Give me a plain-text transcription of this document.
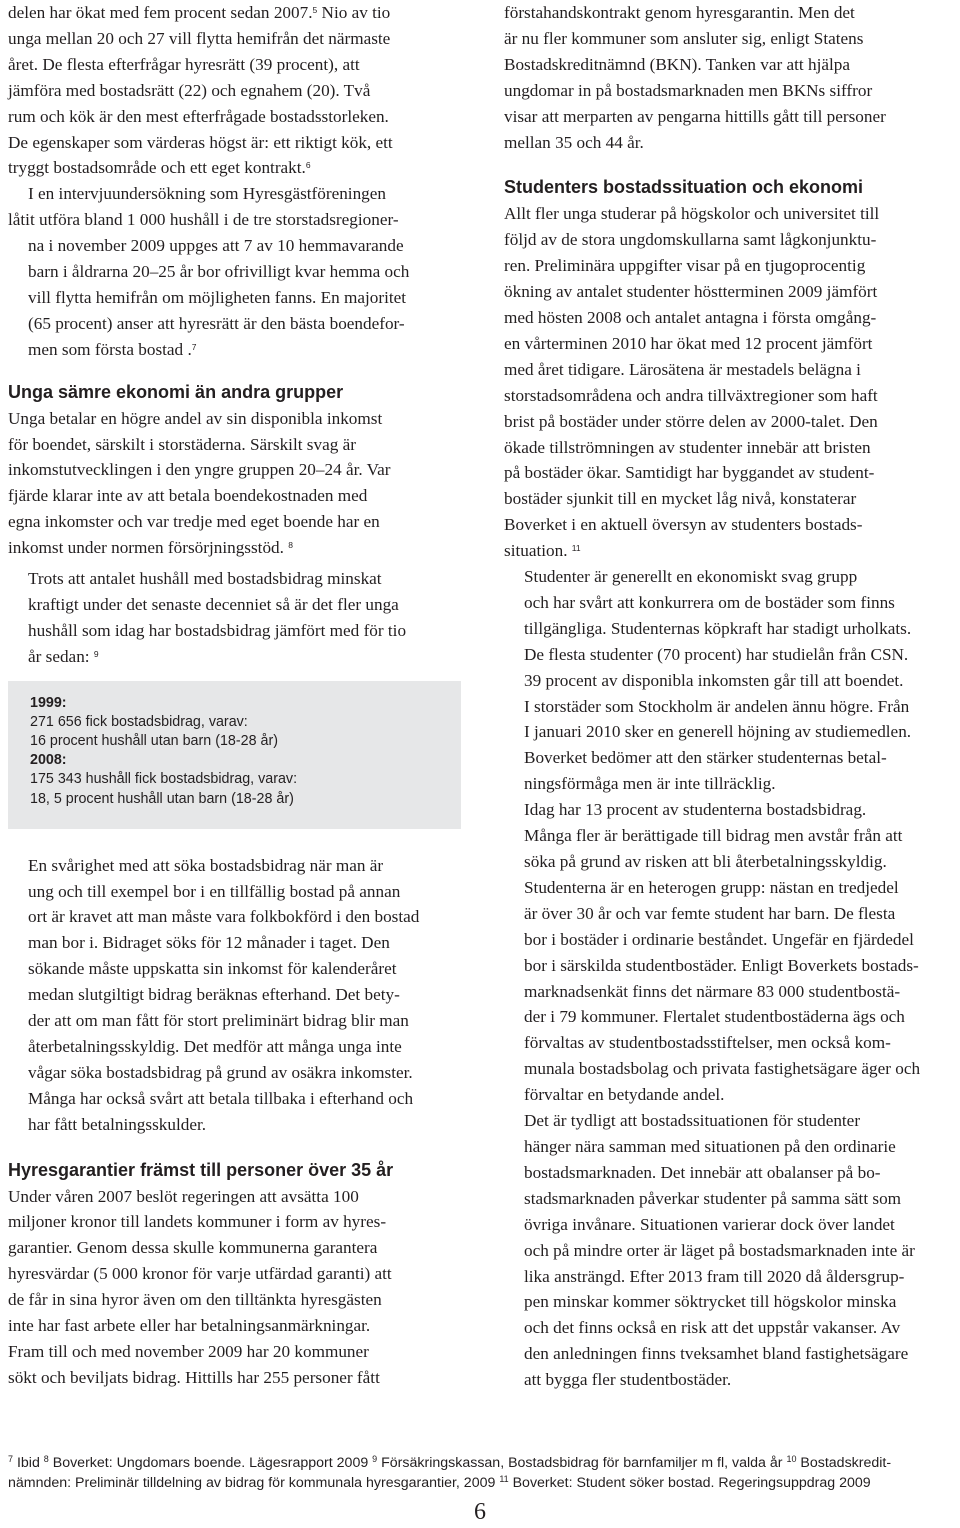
delen har ökat med fem procent sedan 2007.$^5$ Nio av tio
unga mellan 20 och 27 vill flytta hemifrån det närmaste
året. De flesta efterfrågar hyresrätt (39 procent), att
jämföra med bostadsrätt (22) och egnahem (20). Två
rum och kök är den mest efterfrågade bostadsstorleken.
De egenskaper som värderas högst är: ett riktigt kök, ett
tryggt bostadsområde och ett eget kontrakt.$^6$

I en intervjuundersökning som Hyresgästföreningen
låtit utföra bland 1 000 hushåll i de tre storstadsregioner-
na i november 2009 uppges att 7 av 10 hemmavarande
barn i åldrarna 20–25 år bor ofrivilligt kvar hemma och
vill flytta hemifrån om möjligheten fanns. En majoritet
(65 procent) anser att hyresrätt är den bästa boendefor-
men som första bostad .$^7$

Unga sämre ekonomi än andra grupper

Unga betalar en högre andel av sin disponibla inkomst
för boendet, särskilt i storstäderna. Särskilt svag är
inkomstutvecklingen i den yngre gruppen 20–24 år. Var
fjärde klarar inte av att betala boendekostnaden med
egna inkomster och var tredje med eget boende har en
inkomst under normen försörjningsstöd. $^8$

Trots att antalet hushåll med bostadsbidrag minskat
kraftigt under det senaste decenniet så är det fler unga
hushåll som idag har bostadsbidrag jämfört med för tio
år sedan: $^9$

1999:
271 656 fick bostadsbidrag, varav:
16 procent hushåll utan barn (18-28 år)
2008:
175 343 hushåll fick bostadsbidrag, varav:
18, 5 procent hushåll utan barn (18-28 år)

En svårighet med att söka bostadsbidrag när man är
ung och till exempel bor i en tillfällig bostad på annan
ort är kravet att man måste vara folkbokförd i den bostad
man bor i. Bidraget söks för 12 månader i taget. Den
sökande måste uppskatta sin inkomst för kalenderåret
medan slutgiltigt bidrag beräknas efterhand. Det bety-
der att om man fått för stort preliminärt bidrag blir man
återbetalningsskyldig. Det medför att många unga inte
vågar söka bostadsbidrag på grund av osäkra inkomster.
Många har också svårt att betala tillbaka i efterhand och
har fått betalningsskulder.

Hyresgarantier främst till personer över 35 år

Under våren 2007 beslöt regeringen att avsätta 100
miljoner kronor till landets kommuner i form av hyres-
garantier. Genom dessa skulle kommunerna garantera
hyresvärdar (5 000 kronor för varje utfärdad garanti) att
de får in sina hyror även om den tilltänkta hyresgästen
inte har fast arbete eller har betalningsanmärkningar.
Fram till och med november 2009 har 20 kommuner
sökt och beviljats bidrag. Hittills har 255 personer fått

förstahandskontrakt genom hyresgarantin. Men det
är nu fler kommuner som ansluter sig, enligt Statens
Bostadskreditnämnd (BKN). Tanken var att hjälpa
ungdomar in på bostadsmarknaden men BKNs siffror
visar att merparten av pengarna hittills gått till personer
mellan 35 och 44 år.

Studenters bostadssituation och ekonomi

Allt fler unga studerar på högskolor och universitet till
följd av de stora ungdomskullarna samt lågkonjunktu-
ren. Preliminära uppgifter visar på en tjugoprocentig
ökning av antalet studenter höstterminen 2009 jämfört
med hösten 2008 och antalet antagna i första omgång-
en vårterminen 2010 har ökat med 12 procent jämfört
med året tidigare. Lärosätena är mestadels belägna i
storstadsområdena och andra tillväxtregioner som haft
brist på bostäder under större delen av 2000-talet. Den
ökade tillströmningen av studenter innebär att bristen
på bostäder ökar. Samtidigt har byggandet av student-
bostäder sjunkit till en mycket låg nivå, konstaterar
Boverket i en aktuell översyn av studenters bostads-
situation. $^{11}$

Studenter är generellt en ekonomiskt svag grupp
och har svårt att konkurrera om de bostäder som finns
tillgängliga. Studenternas köpkraft har stadigt urholkats.
De flesta studenter (70 procent) har studielån från CSN.
39 procent av disponibla inkomsten går till att boendet.
I storstäder som Stockholm är andelen ännu högre. Från
I januari 2010 sker en generell höjning av studiemedlen.
Boverket bedömer att den stärker studenternas betal-
ningsförmåga men är inte tillräcklig.

Idag har 13 procent av studenterna bostadsbidrag.
Många fler är berättigade till bidrag men avstår från att
söka på grund av risken att bli återbetalningsskyldig.

Studenterna är en heterogen grupp: nästan en tredjedel
är över 30 år och var femte student har barn. De flesta
bor i bostäder i ordinarie beståndet. Ungefär en fjärdedel
bor i särskilda studentbostäder. Enligt Boverkets bostads-
marknadsenkät finns det närmare 83 000 studentbostä-
der i 79 kommuner. Flertalet studentbostäderna ägs och
förvaltas av studentbostadsstiftelser, men också kom-
munala bostadsbolag och privata fastighetsägare äger och
förvaltar en betydande andel.

Det är tydligt att bostadssituationen för studenter
hänger nära samman med situationen på den ordinarie
bostadsmarknaden. Det innebär att obalanser på bo-
stadsmarknaden påverkar studenter på samma sätt som
övriga invånare. Situationen varierar dock över landet
och på mindre orter är läget på bostadsmarknaden inte är
lika ansträngd. Efter 2013 fram till 2020 då åldersgrup-
pen minskar kommer söktrycket till högskolor minska
och det finns också en risk att det uppstår vakanser. Av
den anledningen finns tveksamhet bland fastighetsägare
att bygga fler studentbostäder.

$^7$ Ibid $^8$ Boverket: Ungdomars boende. Lägesrapport 2009 $^9$ Försäkringskassan, Bostadsbidrag för barnfamiljer m fl, valda år $^{10}$ Bostadskredit-
nämnden: Preliminär tilldelning av bidrag för kommunala hyresgarantier, 2009 $^{11}$ Boverket: Student söker bostad. Regeringsuppdrag 2009
6
